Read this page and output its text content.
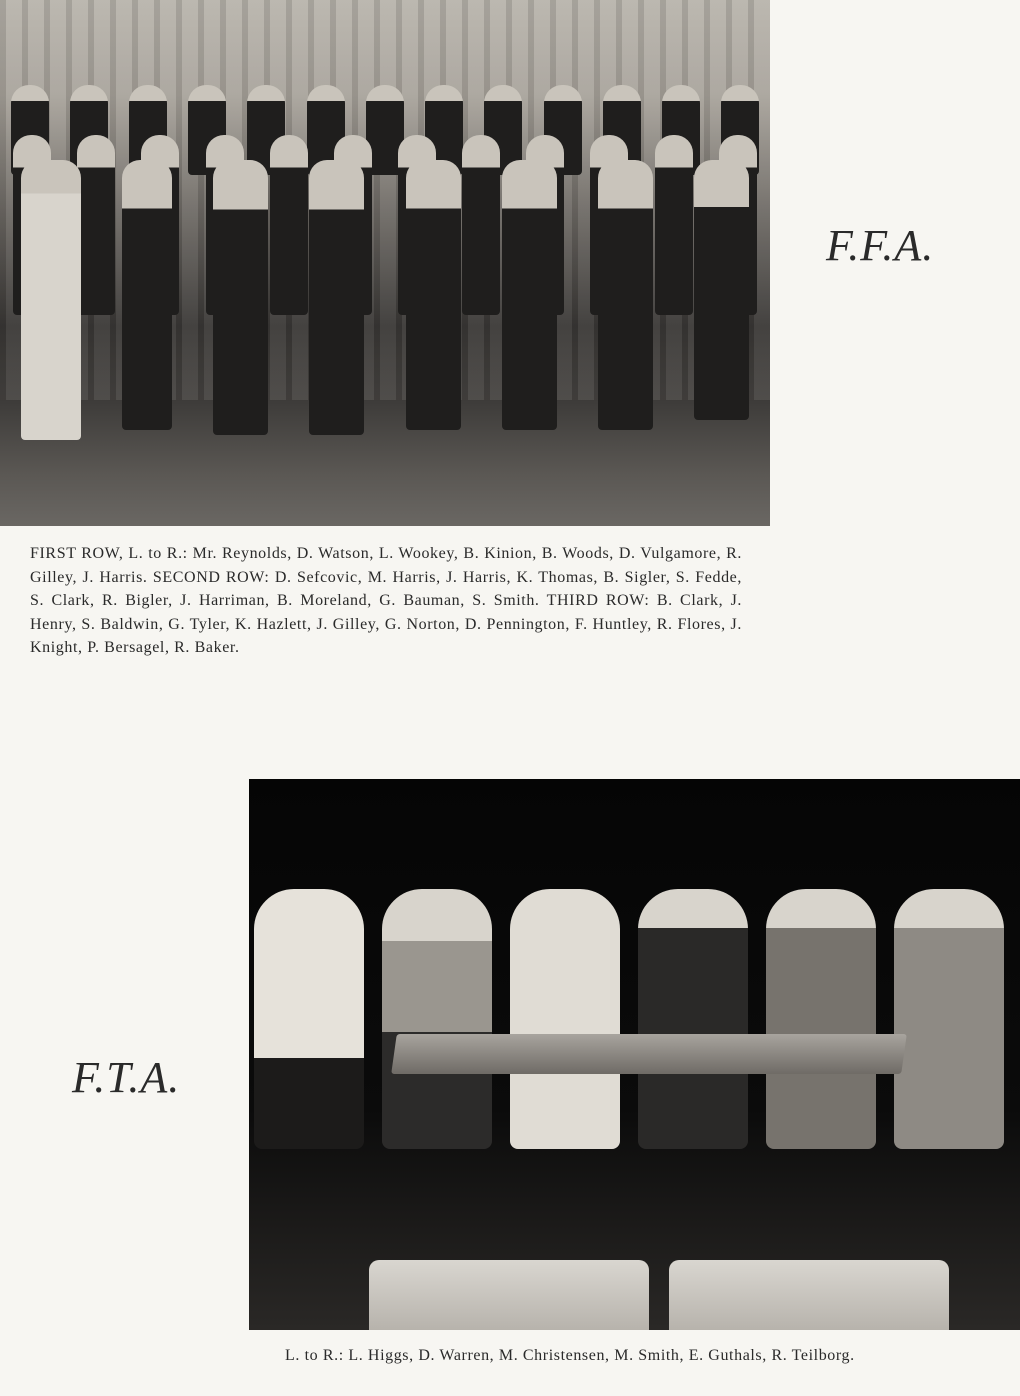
F.F.A.
FIRST ROW, L. to R.: Mr. Reynolds, D. Watson, L. Wookey, B. Kinion, B. Woods, D. Vulgamore, R. Gilley, J. Harris. SECOND ROW: D. Sefcovic, M. Harris, J. Harris, K. Thomas, B. Sigler, S. Fedde, S. Clark, R. Bigler, J. Harriman, B. Moreland, G. Bauman, S. Smith. THIRD ROW: B. Clark, J. Henry, S. Baldwin, G. Tyler, K. Hazlett, J. Gilley, G. Norton, D. Pennington, F. Huntley, R. Flores, J. Knight, P. Bersagel, R. Baker.
F.T.A.
L. to R.: L. Higgs, D. Warren, M. Christensen, M. Smith, E. Guthals, R. Teilborg.
